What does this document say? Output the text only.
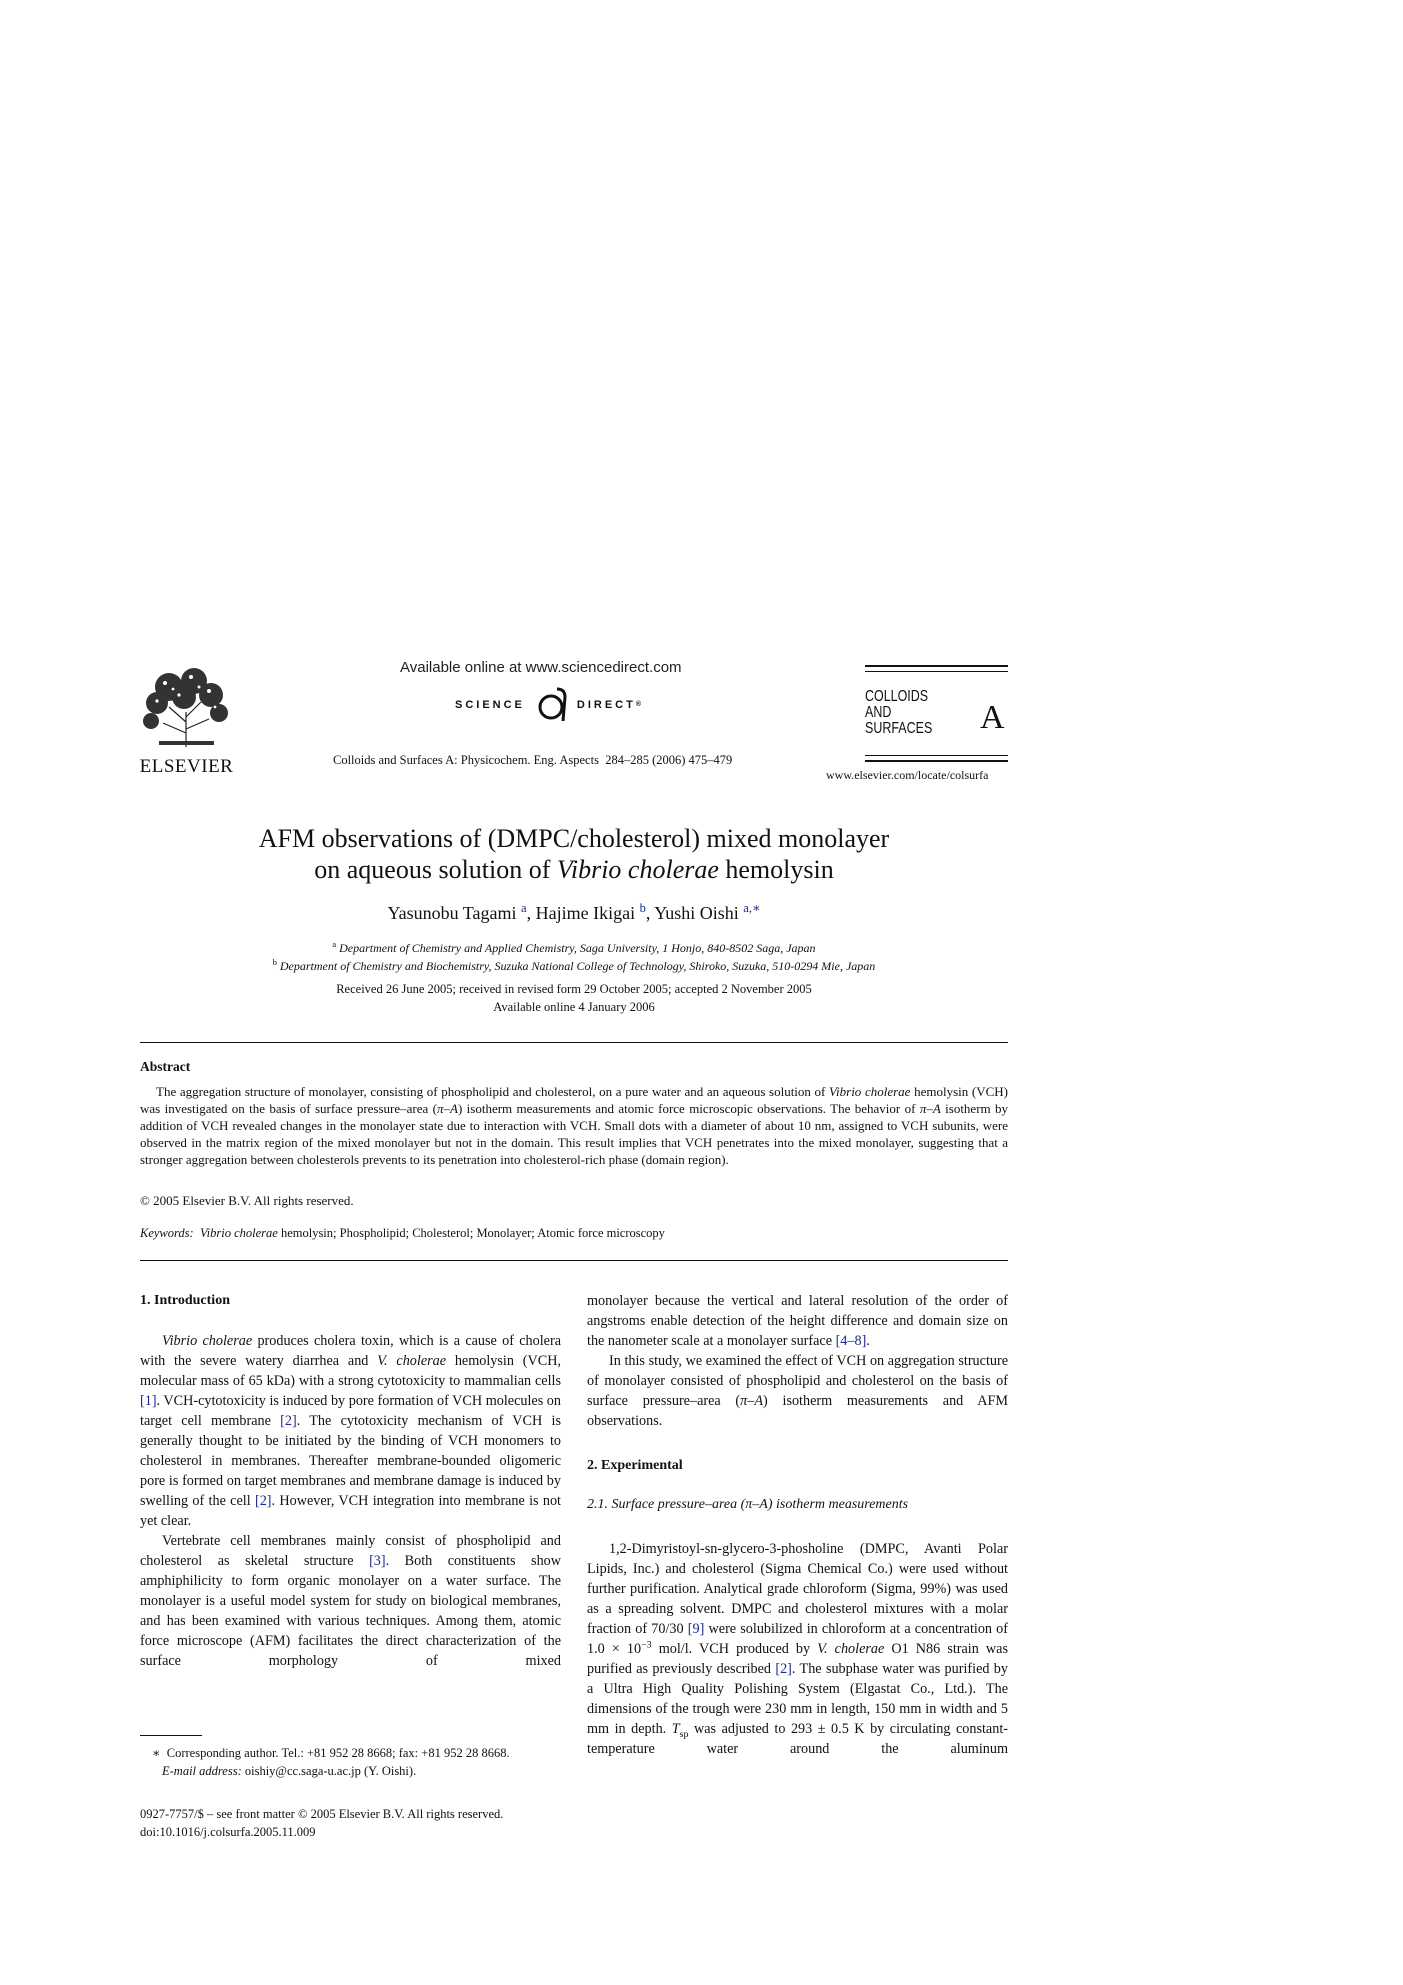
ELSEVIER
Available online at www.sciencedirect.com
SCIENCE	DIRECT ®
Colloids and Surfaces A: Physicochem. Eng. Aspects  284–285 (2006) 475–479
COLLOIDS
AND
SURFACES A
www.elsevier.com/locate/colsurfa
AFM observations of (DMPC/cholesterol) mixed monolayer
on aqueous solution of Vibrio cholerae hemolysin
Yasunobu Tagami $^a$, Hajime Ikigai $^b$, Yushi Oishi $^{a,∗}$
$^a$ Department of Chemistry and Applied Chemistry, Saga University, 1 Honjo, 840-8502 Saga, Japan
$^b$ Department of Chemistry and Biochemistry, Suzuka National College of Technology, Shiroko, Suzuka, 510-0294 Mie, Japan
Received 26 June 2005; received in revised form 29 October 2005; accepted 2 November 2005
Available online 4 January 2006
Abstract
The aggregation structure of monolayer, consisting of phospholipid and cholesterol, on a pure water and an aqueous solution of Vibrio cholerae hemolysin (VCH) was investigated on the basis of surface pressure–area (π–A) isotherm measurements and atomic force microscopic observations. The behavior of π–A isotherm by addition of VCH revealed changes in the monolayer state due to interaction with VCH. Small dots with a diameter of about 10 nm, assigned to VCH subunits, were observed in the matrix region of the mixed monolayer but not in the domain. This result implies that VCH penetrates into the mixed monolayer, suggesting that a stronger aggregation between cholesterols prevents to its penetration into cholesterol-rich phase (domain region).
© 2005 Elsevier B.V. All rights reserved.
Keywords: Vibrio cholerae hemolysin; Phospholipid; Cholesterol; Monolayer; Atomic force microscopy
1. Introduction

Vibrio cholerae produces cholera toxin, which is a cause of cholera with the severe watery diarrhea and V. cholerae hemolysin (VCH, molecular mass of 65 kDa) with a strong cytotoxicity to mammalian cells [1]. VCH-cytotoxicity is induced by pore formation of VCH molecules on target cell membrane [2]. The cytotoxicity mechanism of VCH is generally thought to be initiated by the binding of VCH monomers to cholesterol in membranes. Thereafter membrane-bounded oligomeric pore is formed on target membranes and membrane damage is induced by swelling of the cell [2]. However, VCH integration into membrane is not yet clear.

Vertebrate cell membranes mainly consist of phospholipid and cholesterol as skeletal structure [3]. Both constituents show amphiphilicity to form organic monolayer on a water surface. The monolayer is a useful model system for study on biological membranes, and has been examined with various techniques. Among them, atomic force microscope (AFM) facilitates the direct characterization of the surface morphology of mixed

∗ Corresponding author. Tel.: +81 952 28 8668; fax: +81 952 28 8668.
E-mail address: oishiy@cc.saga-u.ac.jp (Y. Oishi).
0927-7757/$ – see front matter © 2005 Elsevier B.V. All rights reserved.
doi:10.1016/j.colsurfa.2005.11.009

monolayer because the vertical and lateral resolution of the order of angstroms enable detection of the height difference and domain size on the nanometer scale at a monolayer surface [4–8].

In this study, we examined the effect of VCH on aggregation structure of monolayer consisted of phospholipid and cholesterol on the basis of surface pressure–area (π–A) isotherm measurements and AFM observations.

2. Experimental
2.1. Surface pressure–area (π–A) isotherm measurements

1,2-Dimyristoyl-sn-glycero-3-phosholine (DMPC, Avanti Polar Lipids, Inc.) and cholesterol (Sigma Chemical Co.) were used without further purification. Analytical grade chloroform (Sigma, 99%) was used as a spreading solvent. DMPC and cholesterol mixtures with a molar fraction of 70/30 [9] were solubilized in chloroform at a concentration of $1.0 \times 10^{-3}$ mol/l. VCH produced by V. cholerae O1 N86 strain was purified as previously described [2]. The subphase water was purified by a Ultra High Quality Polishing System (Elgastat Co., Ltd.). The dimensions of the trough were 230 mm in length, 150 mm in width and 5 mm in depth. $T_{sp}$ was adjusted to 293 ± 0.5 K by circulating constant-temperature water around the aluminum
